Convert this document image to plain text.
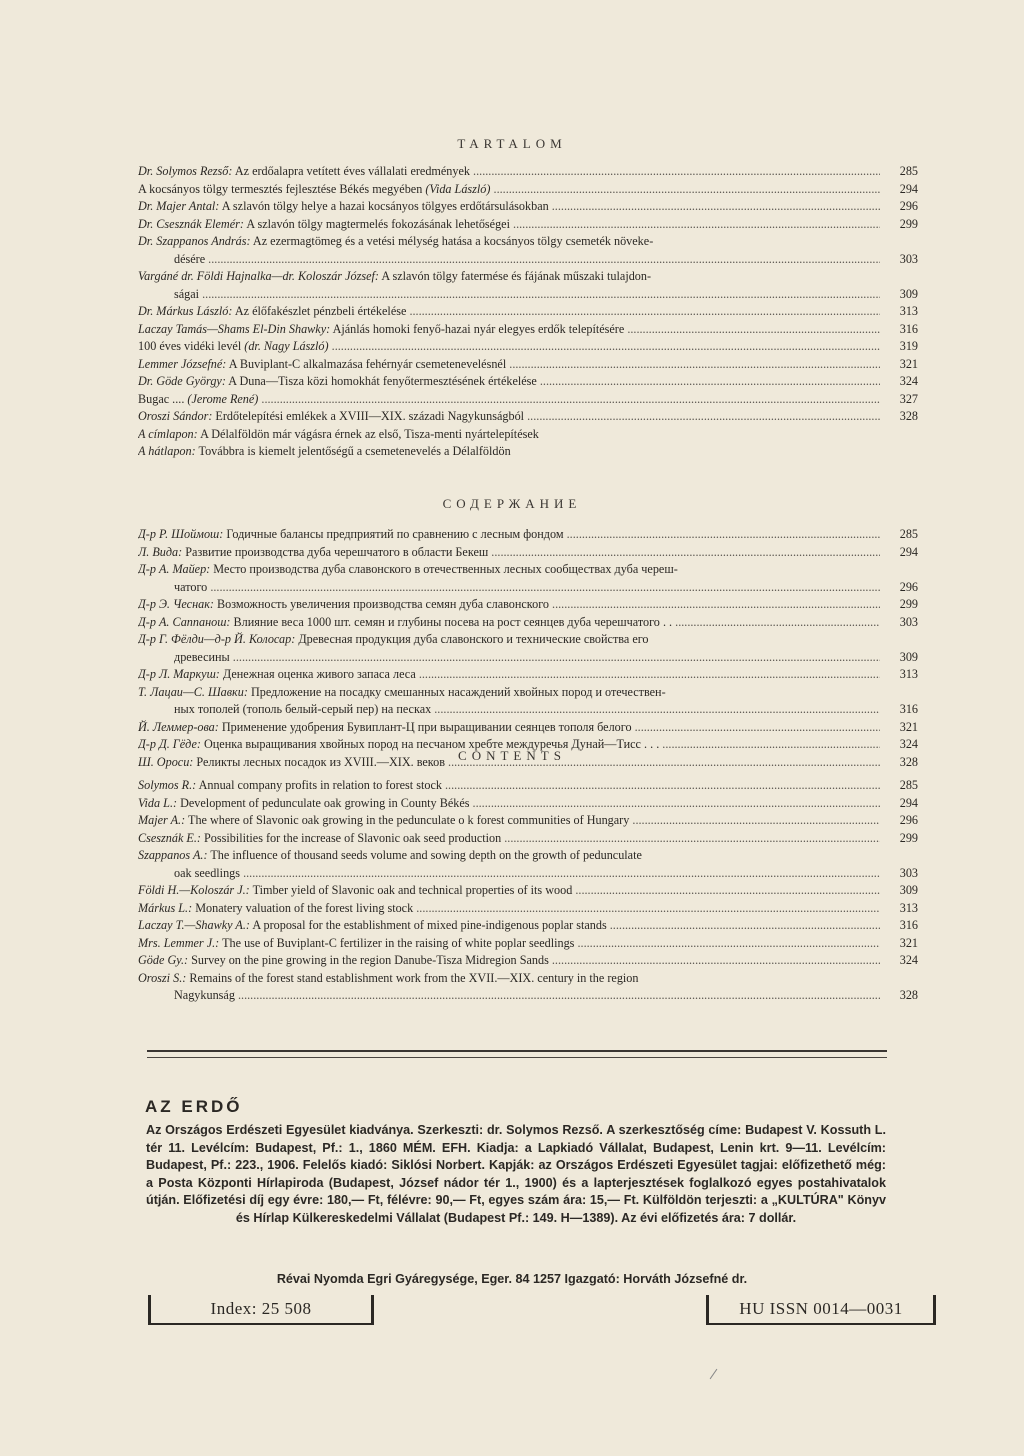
TARTALOM
Dr. Solymos Rezső: Az erdőalapra vetített éves vállalati eredmények .....	285
A kocsányos tölgy termesztés fejlesztése Békés megyében (Vida László) .....	294
Dr. Majer Antal: A szlavón tölgy helye a hazai kocsányos tölgyes erdőtársulásokban .....	296
Dr. Csesznák Elemér: A szlavón tölgy magtermelés fokozásának lehetőségei .....	299
Dr. Szappanos András: Az ezermagtömeg és a vetési mélység hatása a kocsányos tölgy csemeték növeke-
désére .....	303
Vargáné dr. Földi Hajnalka—dr. Koloszár József: A szlavón tölgy fatermése és fájának műszaki tulajdon-
ságai .....	309
Dr. Márkus László: Az élőfakészlet pénzbeli értékelése .....	313
Laczay Tamás—Shams El-Din Shawky: Ajánlás homoki fenyő-hazai nyár elegyes erdők telepítésére .....	316
100 éves vidéki levél (dr. Nagy László) .....	319
Lemmer Józsefné: A Buviplant-C alkalmazása fehérnyár csemetenevelésnél .....	321
Dr. Göde György: A Duna—Tisza közi homokhát fenyőtermesztésének értékelése .....	324
Bugac .... (Jerome René) .....	327
Oroszi Sándor: Erdőtelepítési emlékek a XVIII—XIX. századi Nagykunságból .....	328
A címlapon: A Délalföldön már vágásra érnek az első, Tisza-menti nyártelepítések
A hátlapon: Továbbra is kiemelt jelentőségű a csemetenevelés a Délalföldön
СОДЕРЖАНИЕ
Д-р Р. Шоймош: Годичные балансы предприятий по сравнению с лесным фондом .....	285
Л. Вида: Развитие производства дуба черешчатого в области Бекеш .....	294
Д-р А. Майер: Место производства дуба славонского в отечественных лесных сообществах дуба череш-
чатого .....	296
Д-р Э. Чеснак: Возможность увеличения производства семян дуба славонского .....	299
Д-р А. Саппанош: Влияние веса 1000 шт. семян и глубины посева на рост сеянцев дуба черешчатого . . .....	303
Д-р Г. Фёлди—д-р Й. Колосар: Древесная продукция дуба славонского и технические свойства его
древесины .....	309
Д-р Л. Маркуш: Денежная оценка живого запаса леса .....	313
Т. Лацаи—С. Шавки: Предложение на посадку смешанных насаждений хвойных пород и отечествен-
ных тополей (тополь белый-серый пер) на песках .....	316
Й. Леммер-ова: Применение удобрения Бувиплант-Ц при выращивании сеянцев тополя белого .....	321
Д-р Д. Гёде: Оценка выращивания хвойных пород на песчаном хребте междуречья Дунай—Тисс . . . .....	324
Ш. Ороси: Реликты лесных посадок из XVIII.—XIX. веков .....	328
CONTENTS
Solymos R.: Annual company profits in relation to forest stock .....	285
Vida L.: Development of pedunculate oak growing in County Békés .....	294
Majer A.: The where of Slavonic oak growing in the pedunculate o k forest communities of Hungary .....	296
Csesznák E.: Possibilities for the increase of Slavonic oak seed production .....	299
Szappanos A.: The influence of thousand seeds volume and sowing depth on the growth of pedunculate
oak seedlings .....	303
Földi H.—Koloszár J.: Timber yield of Slavonic oak and technical properties of its wood .....	309
Márkus L.: Monatery valuation of the forest living stock .....	313
Laczay T.—Shawky A.: A proposal for the establishment of mixed pine-indigenous poplar stands .....	316
Mrs. Lemmer J.: The use of Buviplant-C fertilizer in the raising of white poplar seedlings .....	321
Göde Gy.: Survey on the pine growing in the region Danube-Tisza Midregion Sands .....	324
Oroszi S.: Remains of the forest stand establishment work from the XVII.—XIX. century in the region
Nagykunság .....	328
AZ ERDŐ
Az Országos Erdészeti Egyesület kiadványa. Szerkeszti: dr. Solymos Rezső. A szerkesztőség címe: Budapest V. Kossuth L. tér 11. Levélcím: Budapest, Pf.: 1., 1860 MÉM. EFH. Kiadja: a Lapkiadó Vállalat, Budapest, Lenin krt. 9—11. Levélcím: Budapest, Pf.: 223., 1906. Felelős kiadó: Siklósi Norbert. Kapják: az Országos Erdészeti Egyesület tagjai: előfizethető még: a Posta Központi Hírlapiroda (Budapest, József nádor tér 1., 1900) és a lapterjesztések foglalkozó egyes postahivatalok útján. Előfizetési díj egy évre: 180,— Ft, félévre: 90,— Ft, egyes szám ára: 15,— Ft. Külföldön terjeszti: a „KULTÚRA" Könyv és Hírlap Külkereskedelmi Vállalat (Budapest Pf.: 149. H—1389). Az évi előfizetés ára: 7 dollár.
Révai Nyomda Egri Gyáregysége, Eger. 84 1257 Igazgató: Horváth Józsefné dr.
Index: 25 508	HU ISSN 0014—0031
